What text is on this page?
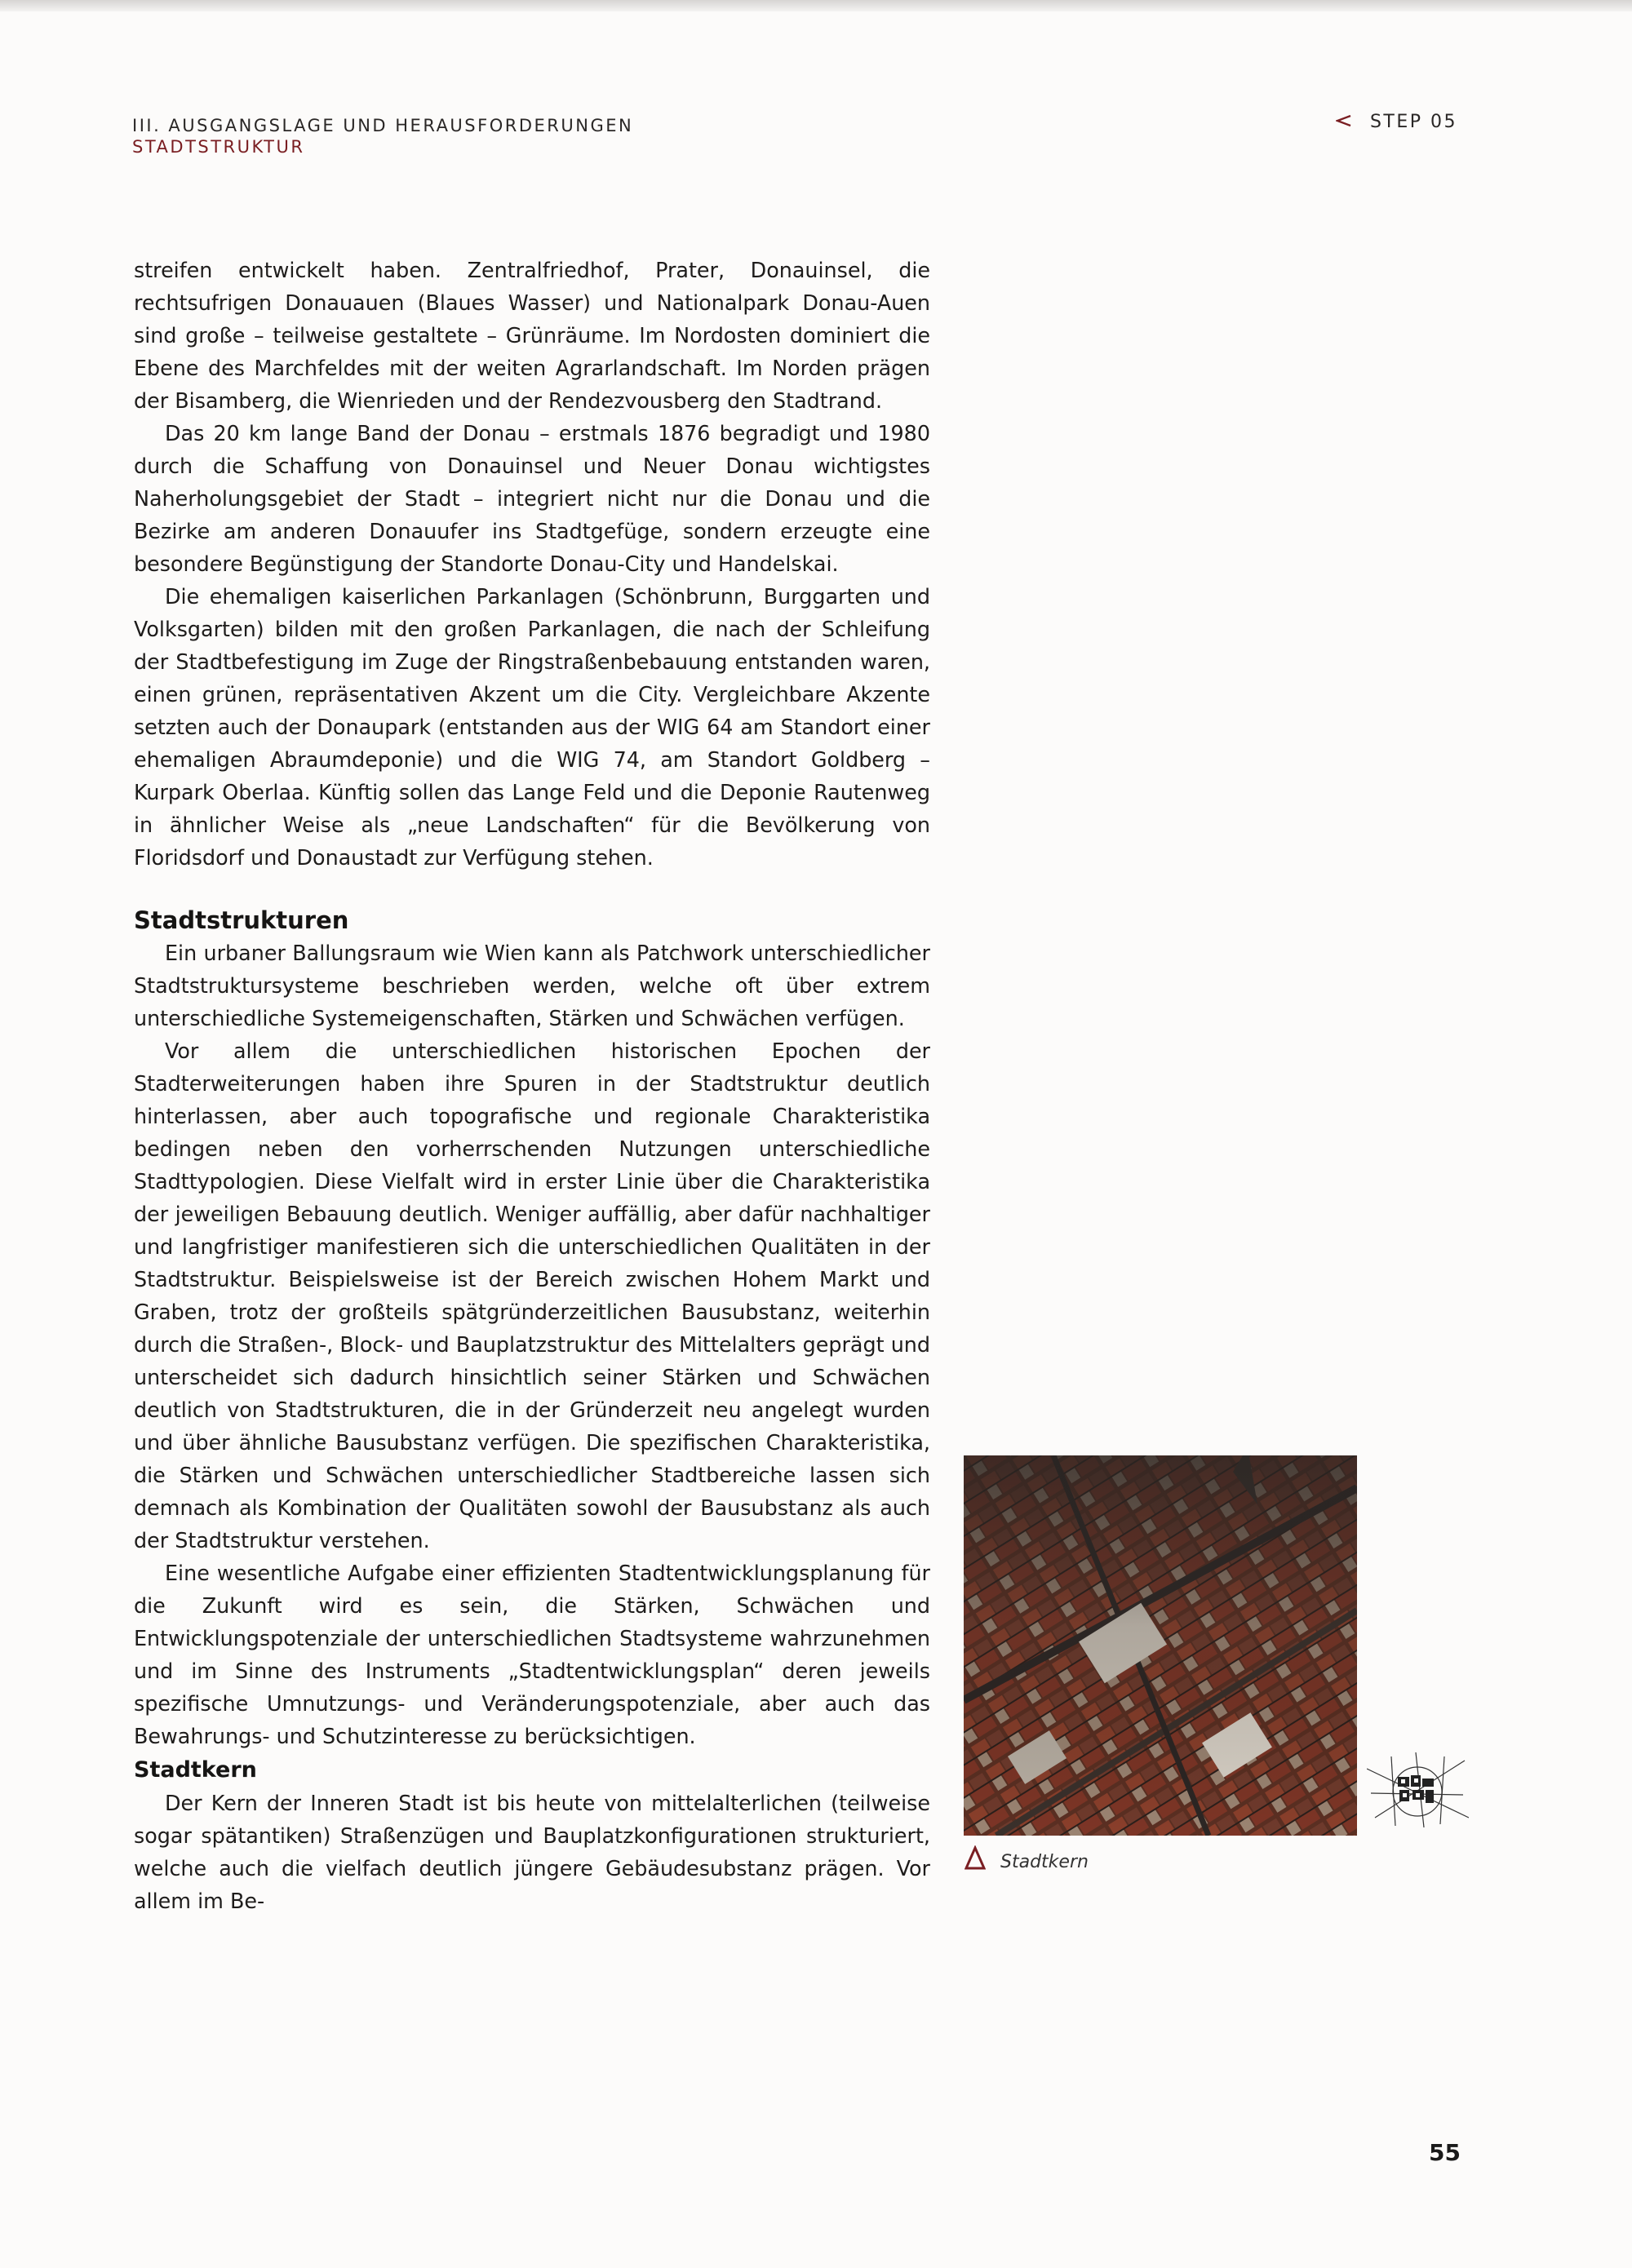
III. AUSGANGSLAGE UND HERAUSFORDERUNGEN
STADTSTRUKTUR
STEP 05

streifen entwickelt haben. Zentralfriedhof, Prater, Donauinsel, die rechtsufrigen Donauauen (Blaues Wasser) und Nationalpark Donau-Auen sind große – teilweise gestaltete – Grünräume. Im Nordosten dominiert die Ebene des Marchfeldes mit der weiten Agrarlandschaft. Im Norden prägen der Bisamberg, die Wienrieden und der Rendezvousberg den Stadtrand.

Das 20 km lange Band der Donau – erstmals 1876 begradigt und 1980 durch die Schaffung von Donauinsel und Neuer Donau wichtigstes Naherholungsgebiet der Stadt – integriert nicht nur die Donau und die Bezirke am anderen Donauufer ins Stadtgefüge, sondern erzeugte eine besondere Begünstigung der Standorte Donau-City und Handelskai.

Die ehemaligen kaiserlichen Parkanlagen (Schönbrunn, Burggarten und Volksgarten) bilden mit den großen Parkanlagen, die nach der Schleifung der Stadtbefestigung im Zuge der Ringstraßenbebauung entstanden waren, einen grünen, repräsentativen Akzent um die City. Vergleichbare Akzente setzten auch der Donaupark (entstanden aus der WIG 64 am Standort einer ehemaligen Abraumdeponie) und die WIG 74, am Standort Goldberg – Kurpark Oberlaa. Künftig sollen das Lange Feld und die Deponie Rautenweg in ähnlicher Weise als „neue Landschaften“ für die Bevölkerung von Floridsdorf und Donaustadt zur Verfügung stehen.

Stadtstrukturen

Ein urbaner Ballungsraum wie Wien kann als Patchwork unterschiedlicher Stadtstruktursysteme beschrieben werden, welche oft über extrem unterschiedliche Systemeigenschaften, Stärken und Schwächen verfügen.

Vor allem die unterschiedlichen historischen Epochen der Stadterweiterungen haben ihre Spuren in der Stadtstruktur deutlich hinterlassen, aber auch topografische und regionale Charakteristika bedingen neben den vorherrschenden Nutzungen unterschiedliche Stadttypologien. Diese Vielfalt wird in erster Linie über die Charakteristika der jeweiligen Bebauung deutlich. Weniger auffällig, aber dafür nachhaltiger und langfristiger manifestieren sich die unterschiedlichen Qualitäten in der Stadtstruktur. Beispielsweise ist der Bereich zwischen Hohem Markt und Graben, trotz der großteils spätgründerzeitlichen Bausubstanz, weiterhin durch die Straßen-, Block- und Bauplatzstruktur des Mittelalters geprägt und unterscheidet sich dadurch hinsichtlich seiner Stärken und Schwächen deutlich von Stadtstrukturen, die in der Gründerzeit neu angelegt wurden und über ähnliche Bausubstanz verfügen. Die spezifischen Charakteristika, die Stärken und Schwächen unterschiedlicher Stadtbereiche lassen sich demnach als Kombination der Qualitäten sowohl der Bausubstanz als auch der Stadtstruktur verstehen.

Eine wesentliche Aufgabe einer effizienten Stadtentwicklungsplanung für die Zukunft wird es sein, die Stärken, Schwächen und Entwicklungspotenziale der unterschiedlichen Stadtsysteme wahrzunehmen und im Sinne des Instruments „Stadtentwicklungsplan“ deren jeweils spezifische Umnutzungs- und Veränderungspotenziale, aber auch das Bewahrungs- und Schutzinteresse zu berücksichtigen.

Stadtkern

Der Kern der Inneren Stadt ist bis heute von mittelalterlichen (teilweise sogar spätantiken) Straßenzügen und Bauplatzkonfigurationen strukturiert, welche auch die vielfach deutlich jüngere Gebäudesubstanz prägen. Vor allem im Be-

Stadtkern
55
